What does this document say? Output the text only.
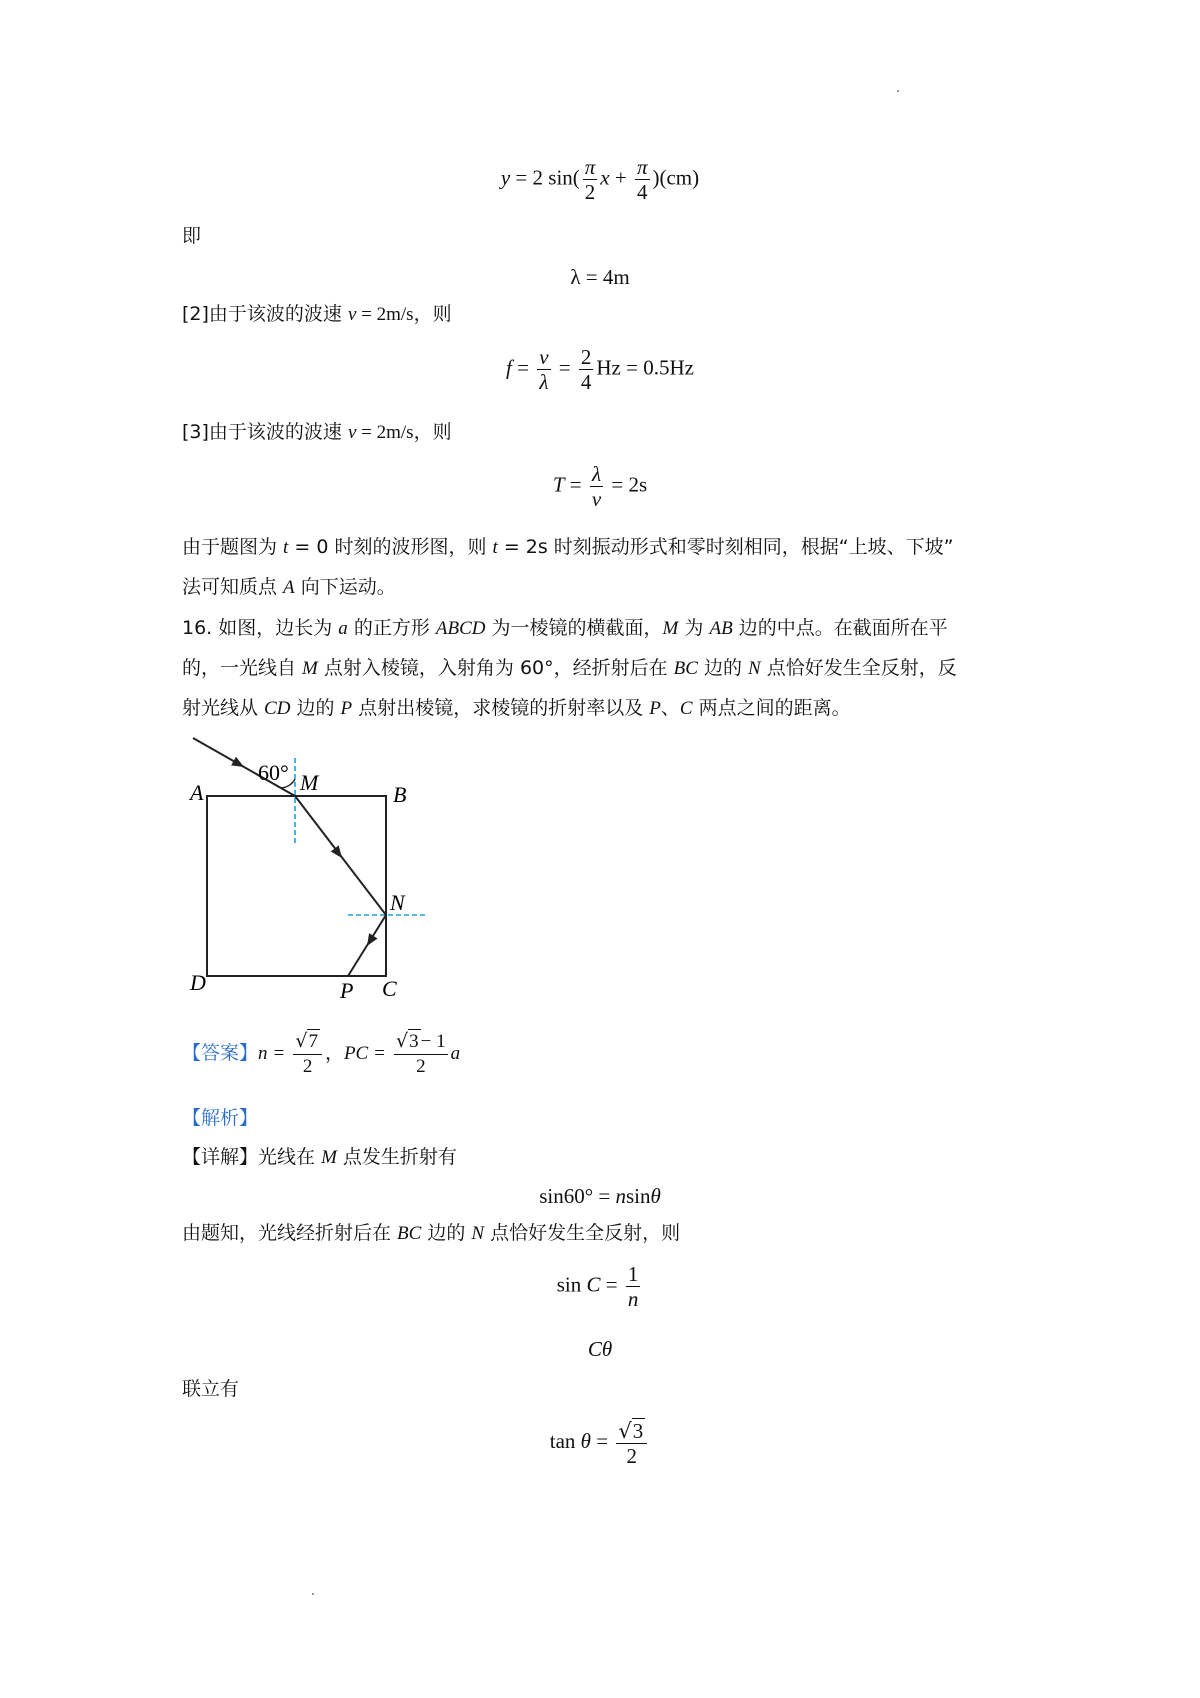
y = 2 $\sin( \frac{\pi}{2}$ $x + \frac{\pi}{4} )(cm)$
即
λ = 4m
[2]由于该波的波速 v = 2m/s，则
$f = \frac{v}{\lambda} = \frac{2}{4}$ Hz = 0.5Hz
[3]由于该波的波速 v = 2m/s，则
$T = \frac{\lambda}{v} = 2s$
由于题图为 t = 0 时刻的波形图，则 t = 2s 时刻振动形式和零时刻相同，根据“上坡、下坡”
法可知质点 A 向下运动。
16. 如图，边长为 a 的正方形 ABCD 为一棱镜的横截面，M 为 AB 边的中点。在截面所在平
的，一光线自 M 点射入棱镜，入射角为 60°，经折射后在 BC 边的 N 点恰好发生全反射，反
射光线从 CD 边的 P 点射出棱镜，求棱镜的折射率以及 P、C 两点之间的距离。
60°
A	M	B
N
D	P C
【答案】$n = \frac{√7}{2}$ ，PC = $\frac{√3 - 1}{2}$ a
【解析】
【详解】光线在 M 点发生折射有
sin60° = nsinθ
由题知，光线经折射后在 BC 边的 N 点恰好发生全反射，则
$\sin C = \frac{1}{n}$
Cθ
联立有
$\tan \theta = \frac{√3}{2}$
